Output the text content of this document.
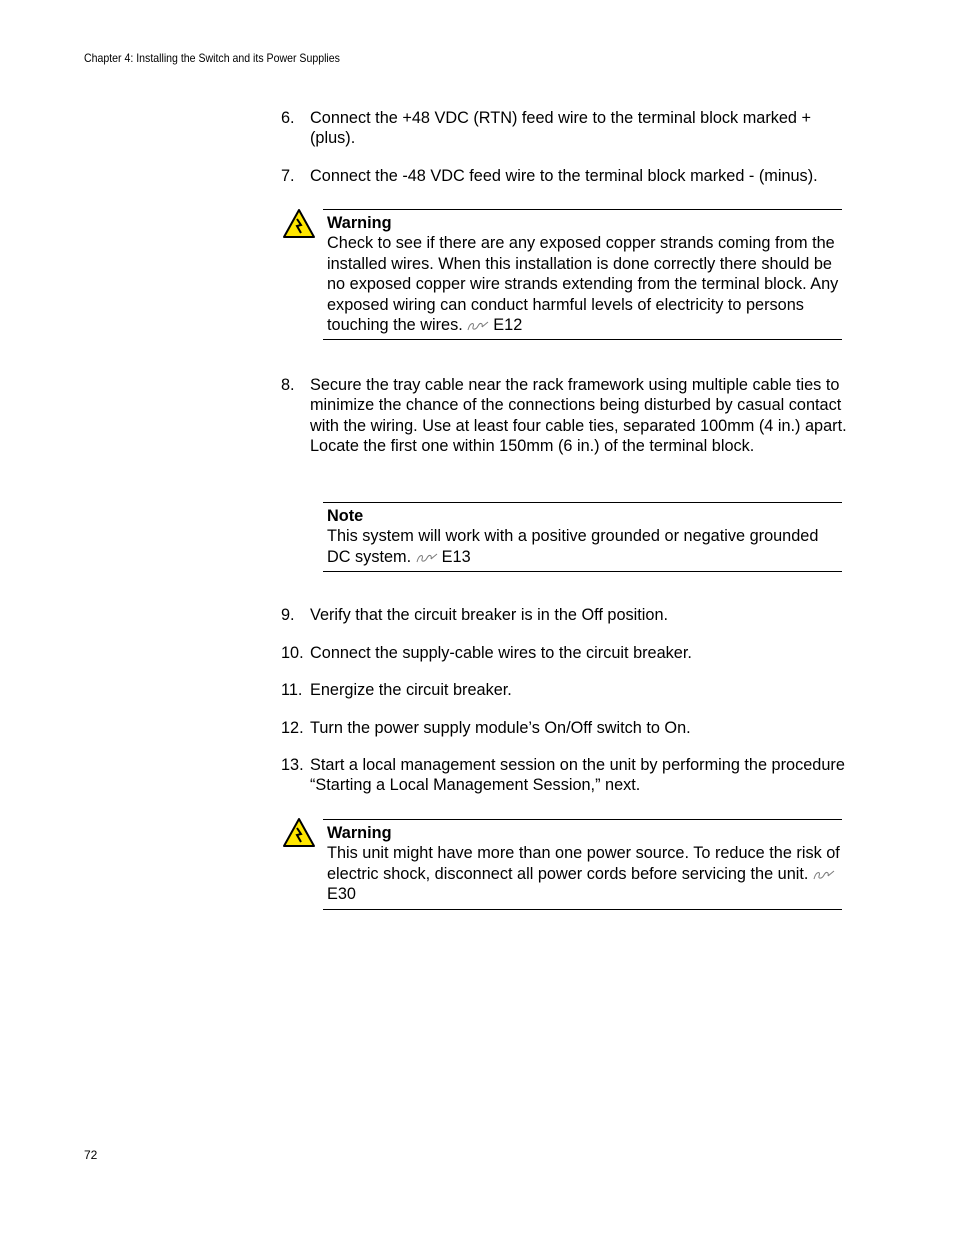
Chapter 4: Installing the Switch and its Power Supplies
6. Connect the +48 VDC (RTN) feed wire to the terminal block marked + (plus).
7. Connect the -48 VDC feed wire to the terminal block marked - (minus).
Warning
Check to see if there are any exposed copper strands coming from the installed wires. When this installation is done correctly there should be no exposed copper wire strands extending from the terminal block. Any exposed wiring can conduct harmful levels of electricity to persons touching the wires. E12
8. Secure the tray cable near the rack framework using multiple cable ties to minimize the chance of the connections being disturbed by casual contact with the wiring. Use at least four cable ties, separated 100mm (4 in.) apart. Locate the first one within 150mm (6 in.) of the terminal block.
Note
This system will work with a positive grounded or negative grounded DC system. E13
9. Verify that the circuit breaker is in the Off position.
10. Connect the supply-cable wires to the circuit breaker.
11. Energize the circuit breaker.
12. Turn the power supply module’s On/Off switch to On.
13. Start a local management session on the unit by performing the procedure “Starting a Local Management Session,” next.
Warning
This unit might have more than one power source. To reduce the risk of electric shock, disconnect all power cords before servicing the unit. E30
72
